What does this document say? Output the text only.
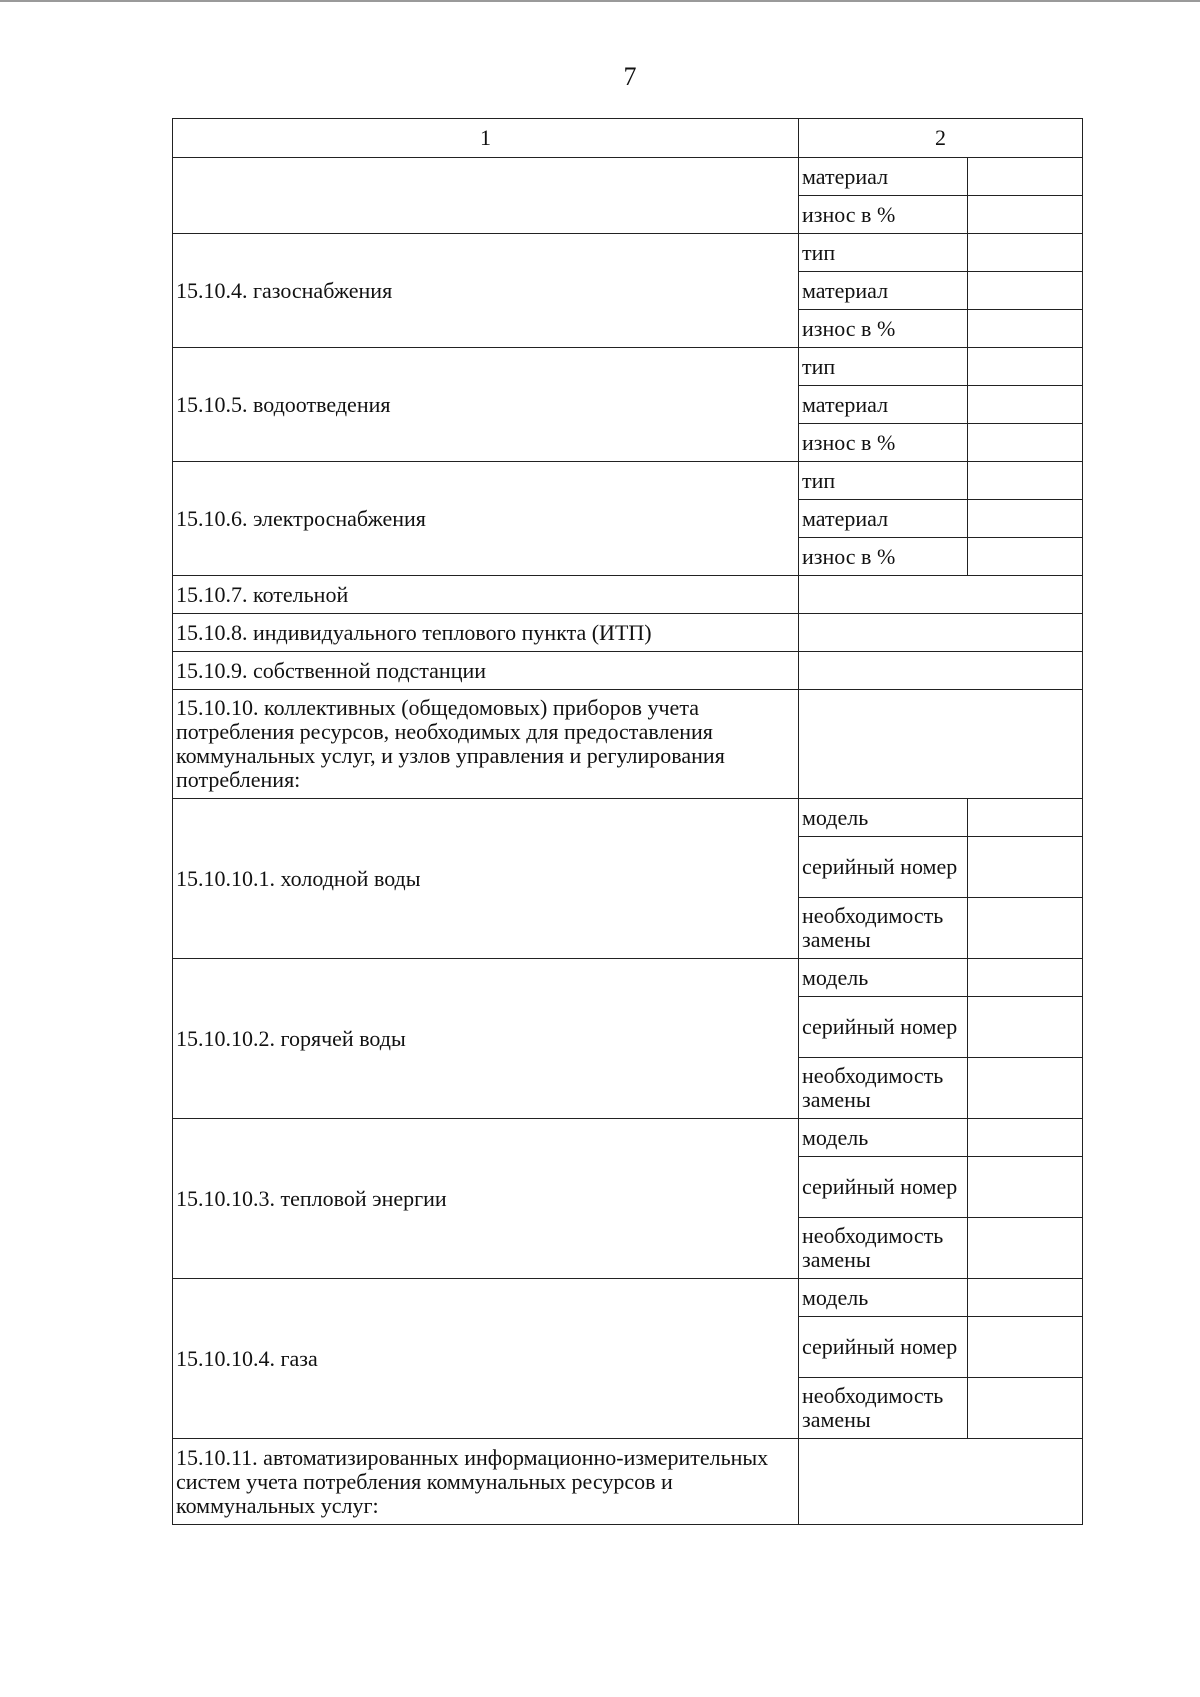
7
1	2	
	материал	
	износ в %	
15.10.4. газоснабжения	тип	
	материал	
	износ в %	
15.10.5. водоотведения	тип	
	материал	
	износ в %	
15.10.6. электроснабжения	тип	
	материал	
	износ в %	
15.10.7. котельной		
15.10.8. индивидуального теплового пункта (ИТП)		
15.10.9. собственной подстанции		
15.10.10. коллективных (общедомовых) приборов учета потребления ресурсов, необходимых для предоставления коммунальных услуг, и узлов управления и регулирования потребления:		
15.10.10.1. холодной воды	модель	
	серийный номер	
	необходимость замены	
15.10.10.2. горячей воды	модель	
	серийный номер	
	необходимость замены	
15.10.10.3. тепловой энергии	модель	
	серийный номер	
	необходимость замены	
15.10.10.4. газа	модель	
	серийный номер	
	необходимость замены	
15.10.11. автоматизированных информационно-измерительных систем учета потребления коммунальных ресурсов и коммунальных услуг:		
